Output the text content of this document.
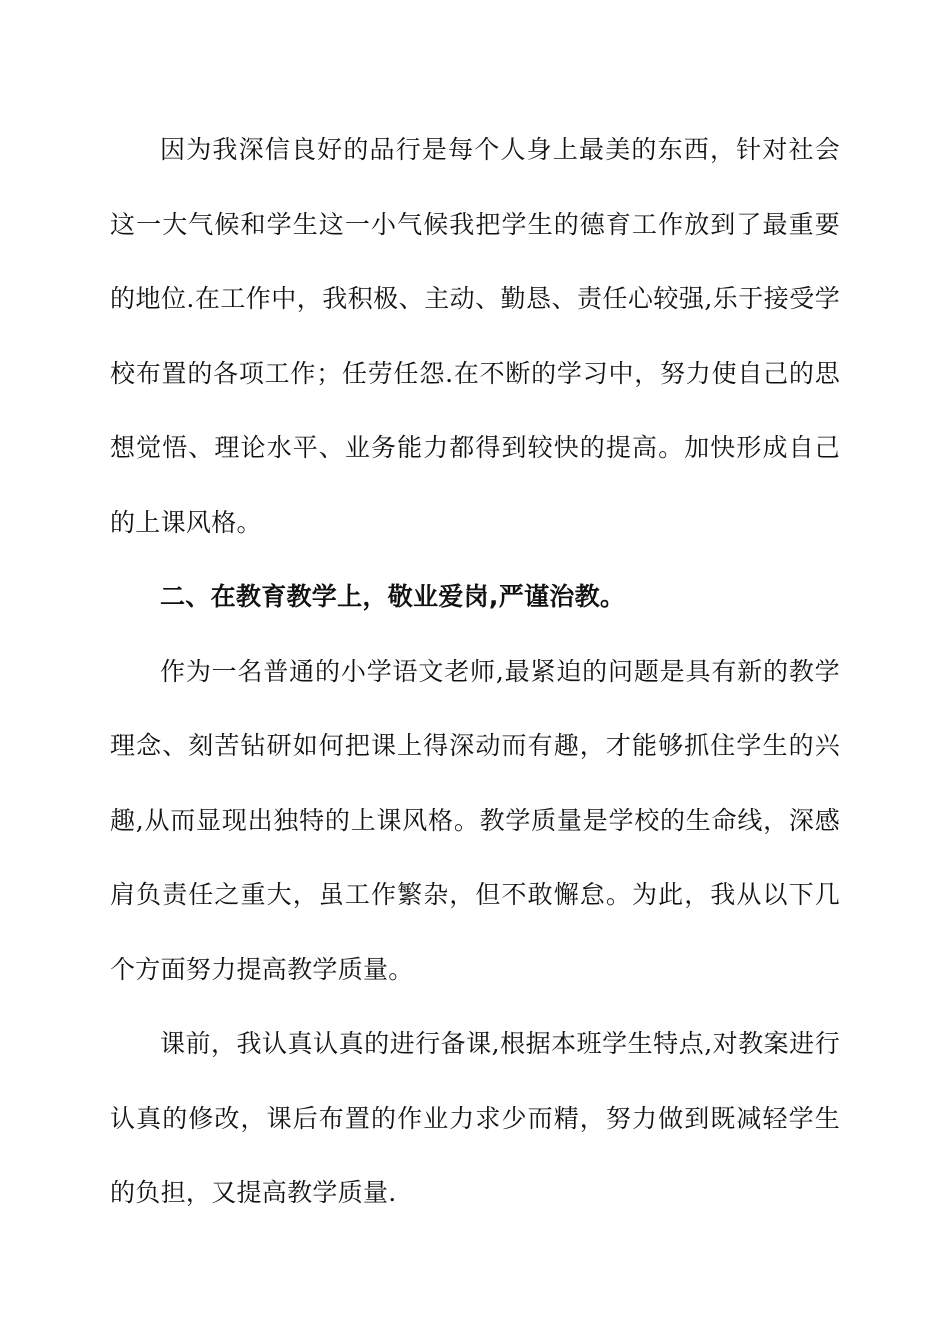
因为我深信良好的品行是每个人身上最美的东西，针对社会这一大气候和学生这一小气候我把学生的德育工作放到了最重要的地位.在工作中，我积极、主动、勤恳、责任心较强,乐于接受学校布置的各项工作；任劳任怨.在不断的学习中，努力使自己的思想觉悟、理论水平、业务能力都得到较快的提高。加快形成自己的上课风格。

二、在教育教学上，敬业爱岗,严谨治教。

作为一名普通的小学语文老师,最紧迫的问题是具有新的教学理念、刻苦钻研如何把课上得深动而有趣，才能够抓住学生的兴趣,从而显现出独特的上课风格。教学质量是学校的生命线，深感肩负责任之重大，虽工作繁杂，但不敢懈怠。为此，我从以下几个方面努力提高教学质量。

课前，我认真认真的进行备课,根据本班学生特点,对教案进行认真的修改，课后布置的作业力求少而精，努力做到既减轻学生的负担，又提高教学质量.
